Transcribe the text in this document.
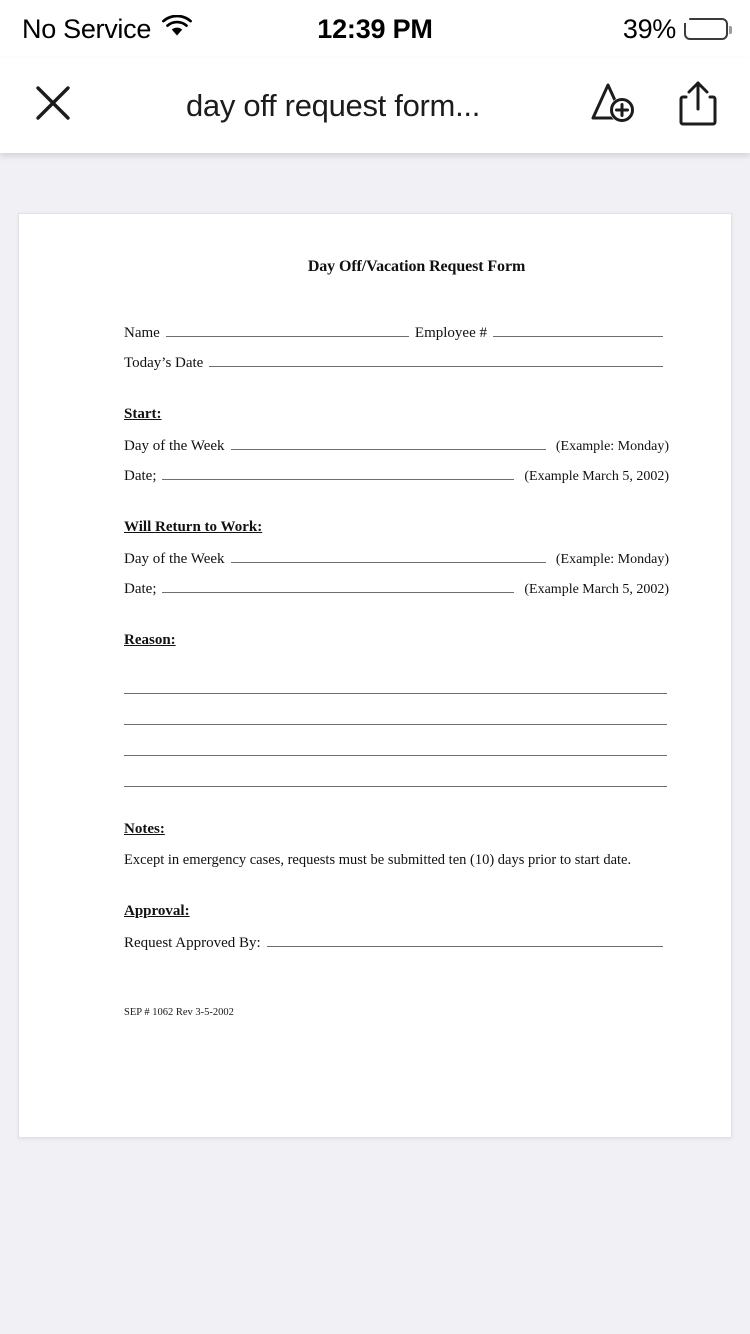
No Service	12:39 PM	39%
day off request form...
Day Off/Vacation Request Form
Name	Employee #
Today’s Date
Start:
Day of the Week	(Example: Monday)
Date;	(Example March 5, 2002)
Will Return to Work:
Day of the Week	(Example: Monday)
Date;	(Example March 5, 2002)
Reason:
Notes:
Except in emergency cases, requests must be submitted ten (10) days prior to start date.
Approval:
Request Approved By:
SEP # 1062 Rev 3-5-2002
